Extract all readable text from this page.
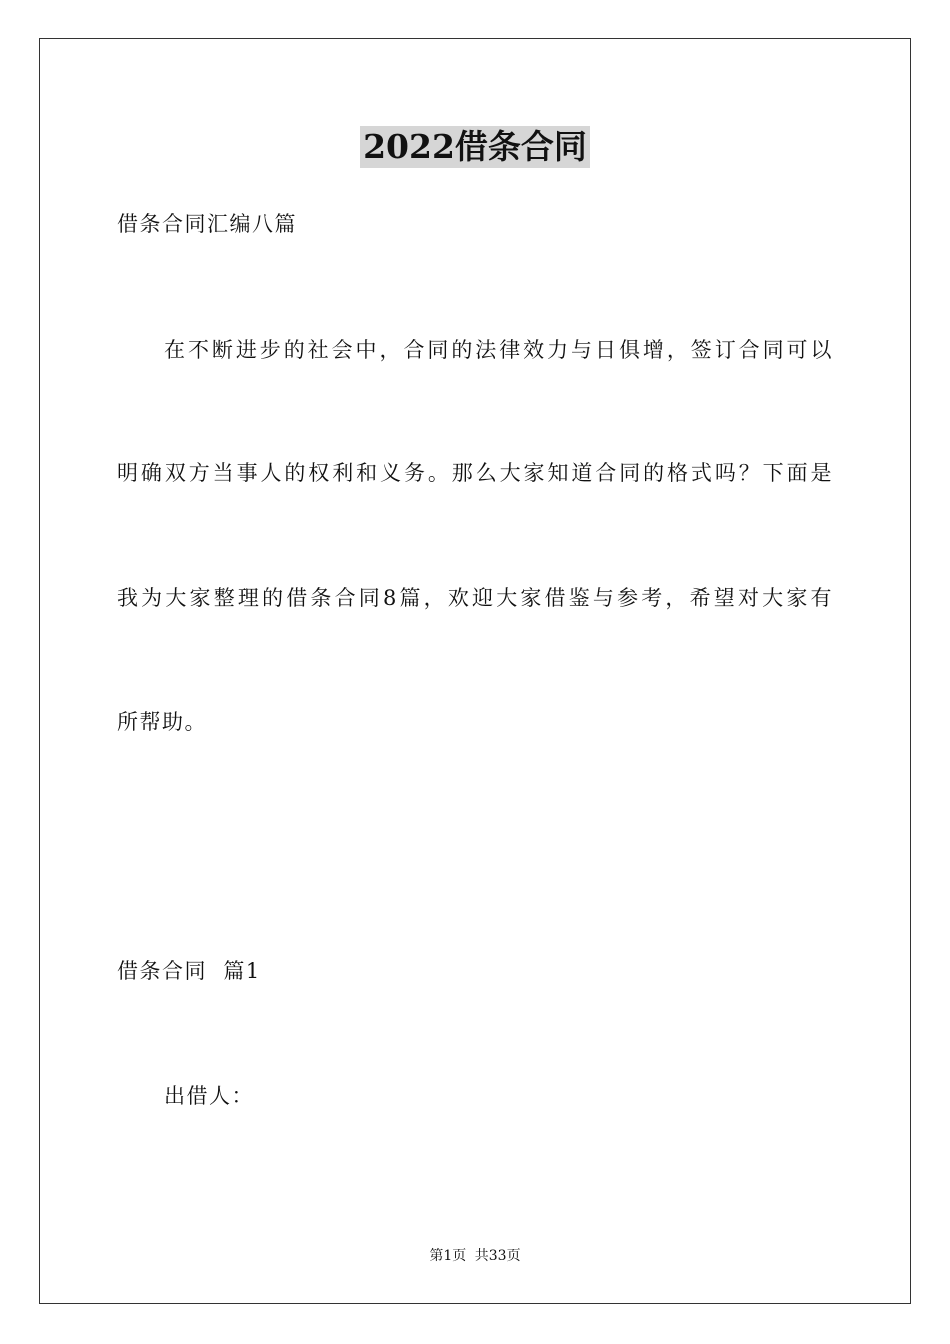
2022借条合同
借条合同汇编八篇
在不断进步的社会中，合同的法律效力与日俱增，签订合同可以
明确双方当事人的权利和义务。那么大家知道合同的格式吗？下面是
我为大家整理的借条合同8篇，欢迎大家借鉴与参考，希望对大家有
所帮助。
借条合同  篇1
出借人：
第1页 共33页
